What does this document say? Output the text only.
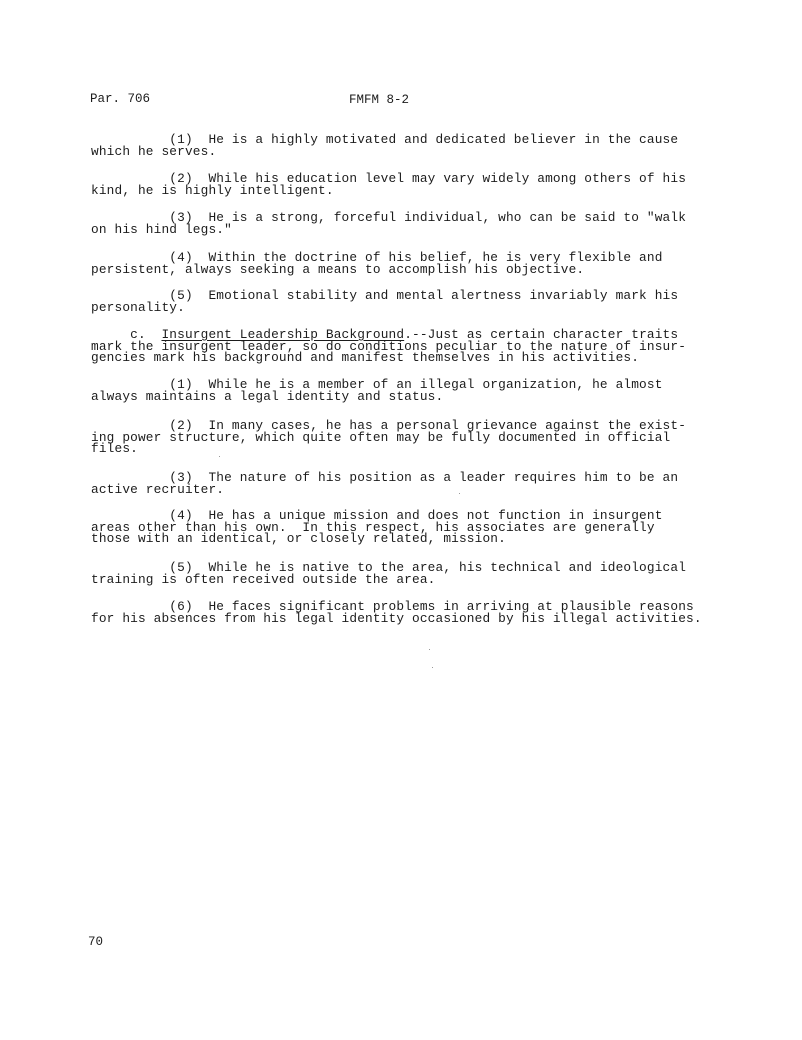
Par. 706	FMFM 8-2
(1)  He is a highly motivated and dedicated believer in the cause
which he serves.
(2)  While his education level may vary widely among others of his
kind, he is highly intelligent.
(3)  He is a strong, forceful individual, who can be said to "walk
on his hind legs."
(4)  Within the doctrine of his belief, he is very flexible and
persistent, always seeking a means to accomplish his objective.
(5)  Emotional stability and mental alertness invariably mark his
personality.
c.  Insurgent Leadership Background.--Just as certain character traits
mark the insurgent leader, so do conditions peculiar to the nature of insur-
gencies mark his background and manifest themselves in his activities.
(1)  While he is a member of an illegal organization, he almost
always maintains a legal identity and status.
(2)  In many cases, he has a personal grievance against the exist-
ing power structure, which quite often may be fully documented in official
files.
(3)  The nature of his position as a leader requires him to be an
active recruiter.
(4)  He has a unique mission and does not function in insurgent
areas other than his own.  In this respect, his associates are generally
those with an identical, or closely related, mission.
(5)  While he is native to the area, his technical and ideological
training is often received outside the area.
(6)  He faces significant problems in arriving at plausible reasons
for his absences from his legal identity occasioned by his illegal activities.
70
